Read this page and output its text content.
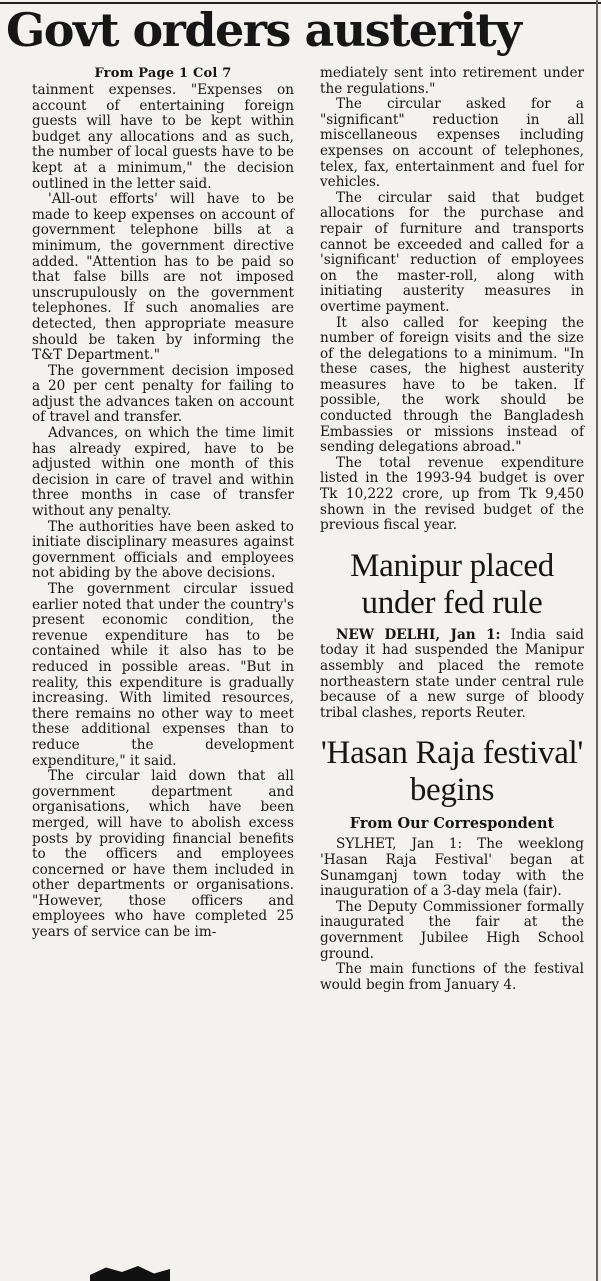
Govt orders austerity
From Page 1 Col 7

tainment expenses. "Expenses on account of entertaining foreign guests will have to be kept within budget any allocations and as such, the number of local guests have to be kept at a minimum," the decision outlined in the letter said.

'All-out efforts' will have to be made to keep expenses on account of government telephone bills at a minimum, the government directive added. "Attention has to be paid so that false bills are not imposed unscrupulously on the government telephones. If such anomalies are detected, then appropriate measure should be taken by informing the T&T Department."

The government decision imposed a 20 per cent penalty for failing to adjust the advances taken on account of travel and transfer.

Advances, on which the time limit has already expired, have to be adjusted within one month of this decision in care of travel and within three months in case of transfer without any penalty.

The authorities have been asked to initiate disciplinary measures against government officials and employees not abiding by the above decisions.

The government circular issued earlier noted that under the country's present economic condition, the revenue expenditure has to be contained while it also has to be reduced in possible areas. "But in reality, this expenditure is gradually increasing. With limited resources, there remains no other way to meet these additional expenses than to reduce the development expenditure," it said.

The circular laid down that all government department and organisations, which have been merged, will have to abolish excess posts by providing financial benefits to the officers and employees concerned or have them included in other departments or organisations. "However, those officers and employees who have completed 25 years of service can be im-

mediately sent into retirement under the regulations."

The circular asked for a "significant" reduction in all miscellaneous expenses including expenses on account of telephones, telex, fax, entertainment and fuel for vehicles.

The circular said that budget allocations for the purchase and repair of furniture and transports cannot be exceeded and called for a 'significant' reduction of employees on the master-roll, along with initiating austerity measures in overtime payment.

It also called for keeping the number of foreign visits and the size of the delegations to a minimum. "In these cases, the highest austerity measures have to be taken. If possible, the work should be conducted through the Bangladesh Embassies or missions instead of sending delegations abroad."

The total revenue expenditure listed in the 1993-94 budget is over Tk 10,222 crore, up from Tk 9,450 shown in the revised budget of the previous fiscal year.

Manipur placed under fed rule

NEW DELHI, Jan 1: India said today it had suspended the Manipur assembly and placed the remote northeastern state under central rule because of a new surge of bloody tribal clashes, reports Reuter.

'Hasan Raja festival' begins
From Our Correspondent

SYLHET, Jan 1: The weeklong 'Hasan Raja Festival' began at Sunamganj town today with the inauguration of a 3-day mela (fair).

The Deputy Commissioner formally inaugurated the fair at the government Jubilee High School ground.

The main functions of the festival would begin from January 4.
